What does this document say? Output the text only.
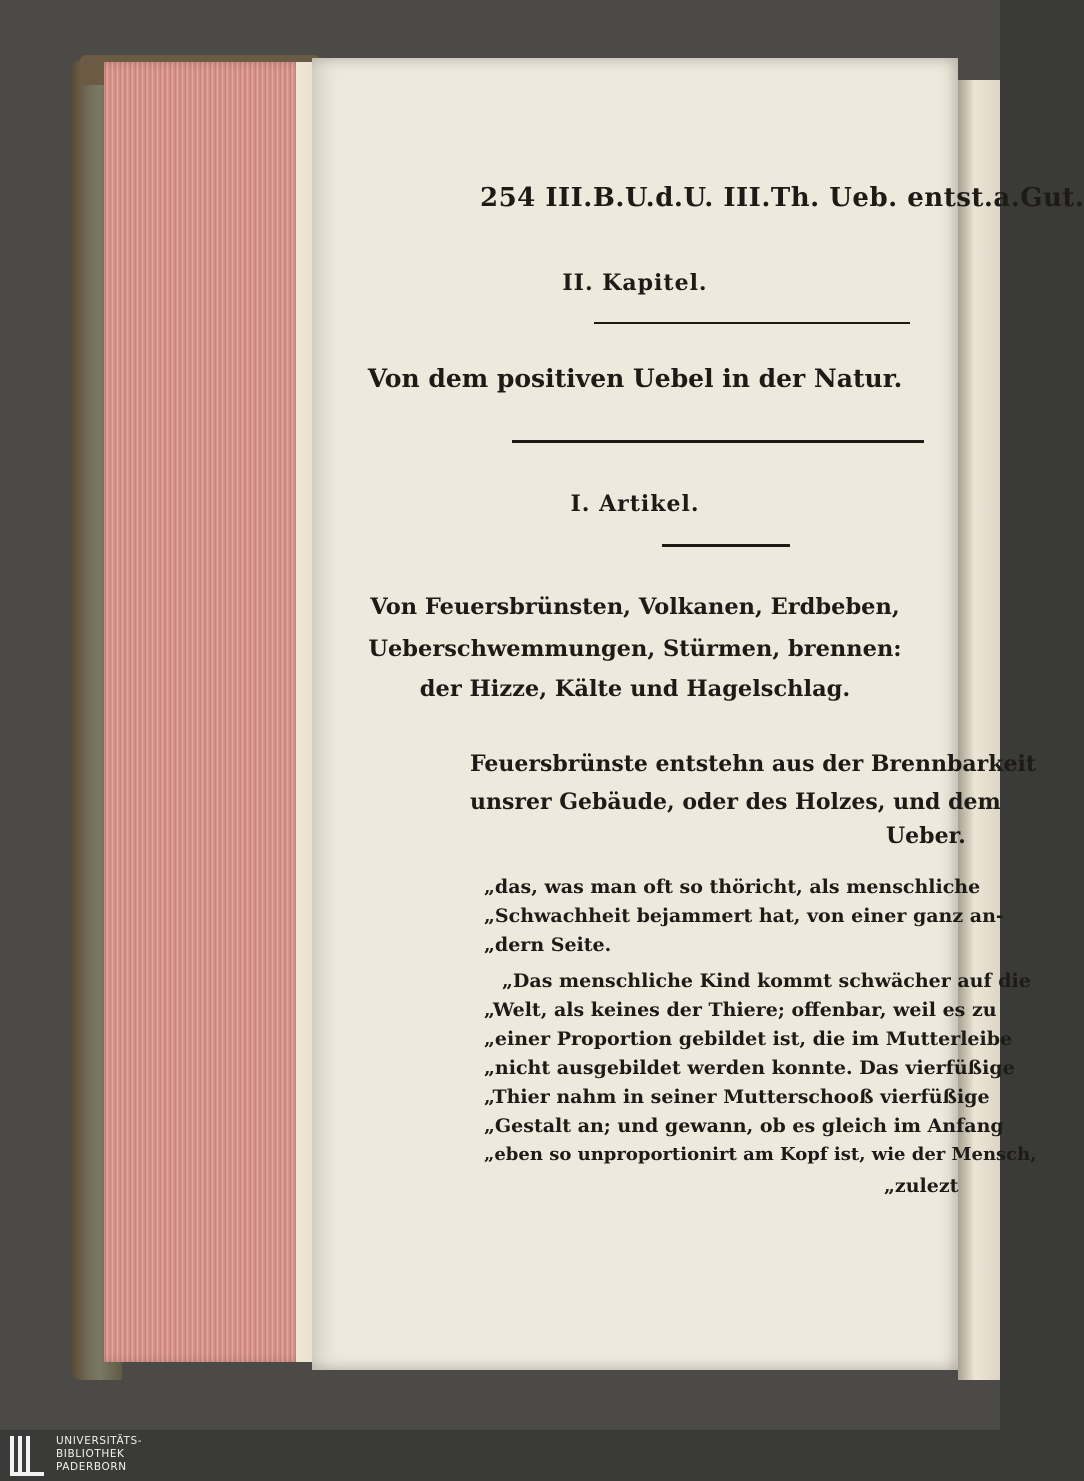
254 III.B.U.d.U. III.Th. Ueb. entst.a.Gut.
II. Kapitel.
Von dem positiven Uebel in der Natur.
I. Artikel.
Von Feuersbrünsten, Volkanen, Erdbeben,
Ueberschwemmungen, Stürmen, brennen:
der Hizze, Kälte und Hagelschlag.
Feuersbrünste entstehn aus der Brennbarkeit
unsrer Gebäude, oder des Holzes, und dem
Ueber.
„das, was man oft so thöricht, als menschliche
„Schwachheit bejammert hat, von einer ganz an-
„dern Seite.
„Das menschliche Kind kommt schwächer auf die
„Welt, als keines der Thiere; offenbar, weil es zu
„einer Proportion gebildet ist, die im Mutterleibe
„nicht ausgebildet werden konnte. Das vierfüßige
„Thier nahm in seiner Mutterschooß vierfüßige
„Gestalt an; und gewann, ob es gleich im Anfang
„eben so unproportionirt am Kopf ist, wie der Mensch,
„zulezt
UNIVERSITÄTS-
BIBLIOTHEK
PADERBORN
